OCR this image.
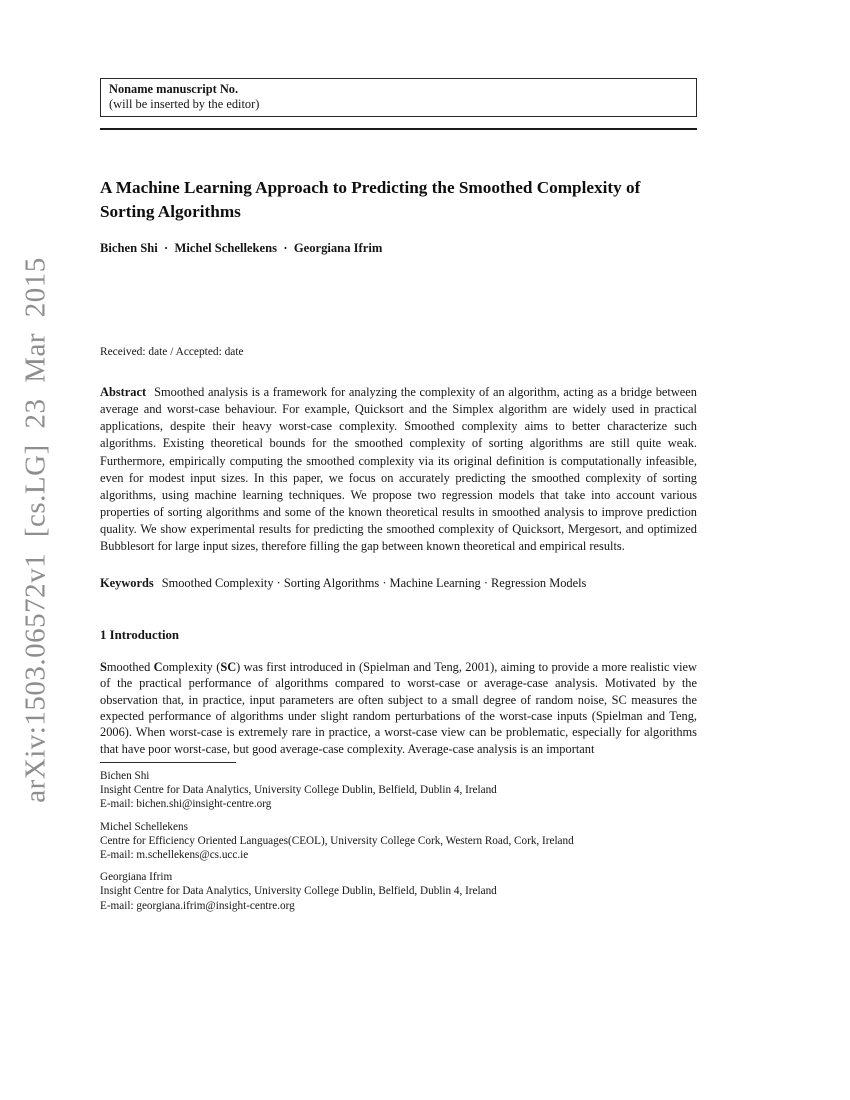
arXiv:1503.06572v1 [cs.LG] 23 Mar 2015
Noname manuscript No.
(will be inserted by the editor)
A Machine Learning Approach to Predicting the Smoothed Complexity of Sorting Algorithms
Bichen Shi · Michel Schellekens · Georgiana Ifrim
Received: date / Accepted: date
Abstract Smoothed analysis is a framework for analyzing the complexity of an algorithm, acting as a bridge between average and worst-case behaviour. For example, Quicksort and the Simplex algorithm are widely used in practical applications, despite their heavy worst-case complexity. Smoothed complexity aims to better characterize such algorithms. Existing theoretical bounds for the smoothed complexity of sorting algorithms are still quite weak. Furthermore, empirically computing the smoothed complexity via its original definition is computationally infeasible, even for modest input sizes. In this paper, we focus on accurately predicting the smoothed complexity of sorting algorithms, using machine learning techniques. We propose two regression models that take into account various properties of sorting algorithms and some of the known theoretical results in smoothed analysis to improve prediction quality. We show experimental results for predicting the smoothed complexity of Quicksort, Mergesort, and optimized Bubblesort for large input sizes, therefore filling the gap between known theoretical and empirical results.
Keywords Smoothed Complexity · Sorting Algorithms · Machine Learning · Regression Models
1 Introduction
Smoothed Complexity (SC) was first introduced in (Spielman and Teng, 2001), aiming to provide a more realistic view of the practical performance of algorithms compared to worst-case or average-case analysis. Motivated by the observation that, in practice, input parameters are often subject to a small degree of random noise, SC measures the expected performance of algorithms under slight random perturbations of the worst-case inputs (Spielman and Teng, 2006). When worst-case is extremely rare in practice, a worst-case view can be problematic, especially for algorithms that have poor worst-case, but good average-case complexity. Average-case analysis is an important
Bichen Shi
Insight Centre for Data Analytics, University College Dublin, Belfield, Dublin 4, Ireland
E-mail: bichen.shi@insight-centre.org
Michel Schellekens
Centre for Efficiency Oriented Languages(CEOL), University College Cork, Western Road, Cork, Ireland
E-mail: m.schellekens@cs.ucc.ie
Georgiana Ifrim
Insight Centre for Data Analytics, University College Dublin, Belfield, Dublin 4, Ireland
E-mail: georgiana.ifrim@insight-centre.org
